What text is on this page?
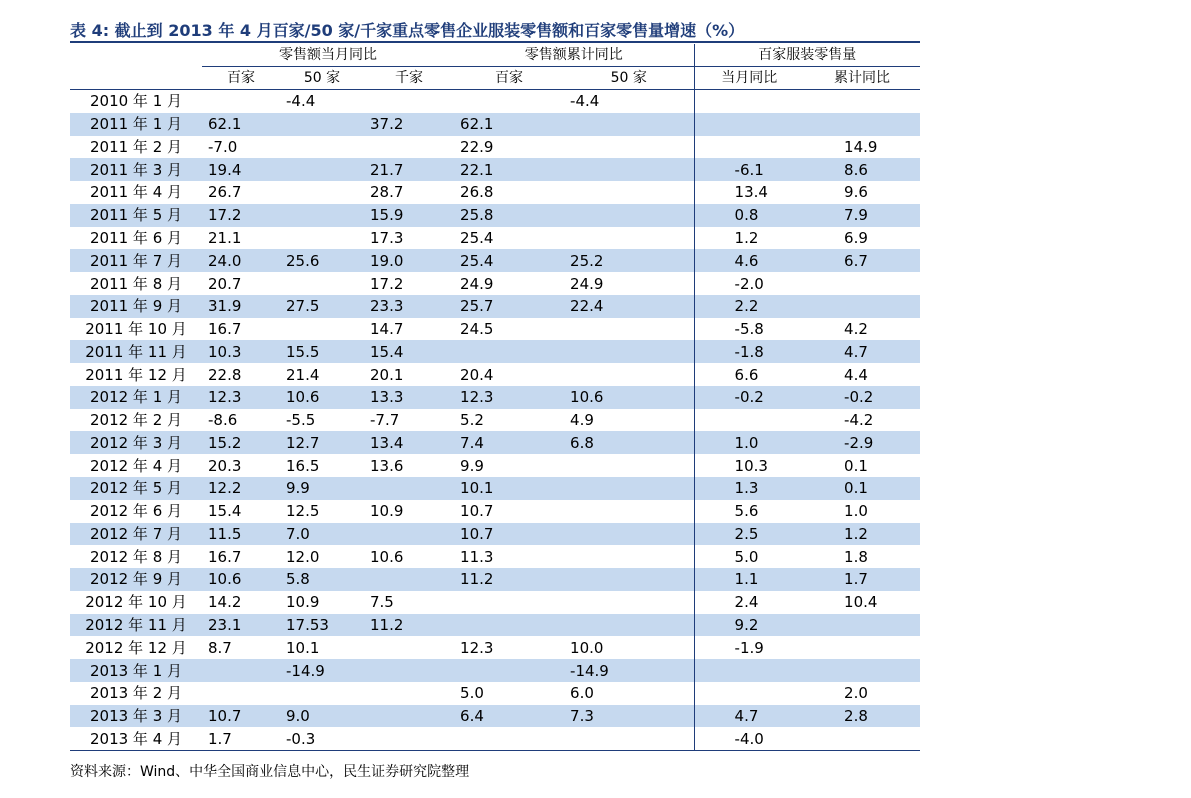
表 4: 截止到 2013 年 4 月百家/50 家/千家重点零售企业服装零售额和百家零售量增速（%）
	零售额当月同比			零售额累计同比		百家服装零售量	
	百家	50 家	千家	百家	50 家	当月同比	累计同比
2010 年 1 月		-4.4			-4.4		
2011 年 1 月	62.1		37.2	62.1			
2011 年 2 月	-7.0			22.9			14.9
2011 年 3 月	19.4		21.7	22.1		-6.1	8.6
2011 年 4 月	26.7		28.7	26.8		13.4	9.6
2011 年 5 月	17.2		15.9	25.8		0.8	7.9
2011 年 6 月	21.1		17.3	25.4		1.2	6.9
2011 年 7 月	24.0	25.6	19.0	25.4	25.2	4.6	6.7
2011 年 8 月	20.7		17.2	24.9	24.9	-2.0	
2011 年 9 月	31.9	27.5	23.3	25.7	22.4	2.2	
2011 年 10 月	16.7		14.7	24.5		-5.8	4.2
2011 年 11 月	10.3	15.5	15.4			-1.8	4.7
2011 年 12 月	22.8	21.4	20.1	20.4		6.6	4.4
2012 年 1 月	12.3	10.6	13.3	12.3	10.6	-0.2	-0.2
2012 年 2 月	-8.6	-5.5	-7.7	5.2	4.9		-4.2
2012 年 3 月	15.2	12.7	13.4	7.4	6.8	1.0	-2.9
2012 年 4 月	20.3	16.5	13.6	9.9		10.3	0.1
2012 年 5 月	12.2	9.9		10.1		1.3	0.1
2012 年 6 月	15.4	12.5	10.9	10.7		5.6	1.0
2012 年 7 月	11.5	7.0		10.7		2.5	1.2
2012 年 8 月	16.7	12.0	10.6	11.3		5.0	1.8
2012 年 9 月	10.6	5.8		11.2		1.1	1.7
2012 年 10 月	14.2	10.9	7.5			2.4	10.4
2012 年 11 月	23.1	17.53	11.2			9.2	
2012 年 12 月	8.7	10.1		12.3	10.0	-1.9	
2013 年 1 月		-14.9			-14.9		
2013 年 2 月				5.0	6.0		2.0
2013 年 3 月	10.7	9.0		6.4	7.3	4.7	2.8
2013 年 4 月	1.7	-0.3				-4.0	
资料来源：Wind、中华全国商业信息中心，民生证券研究院整理
